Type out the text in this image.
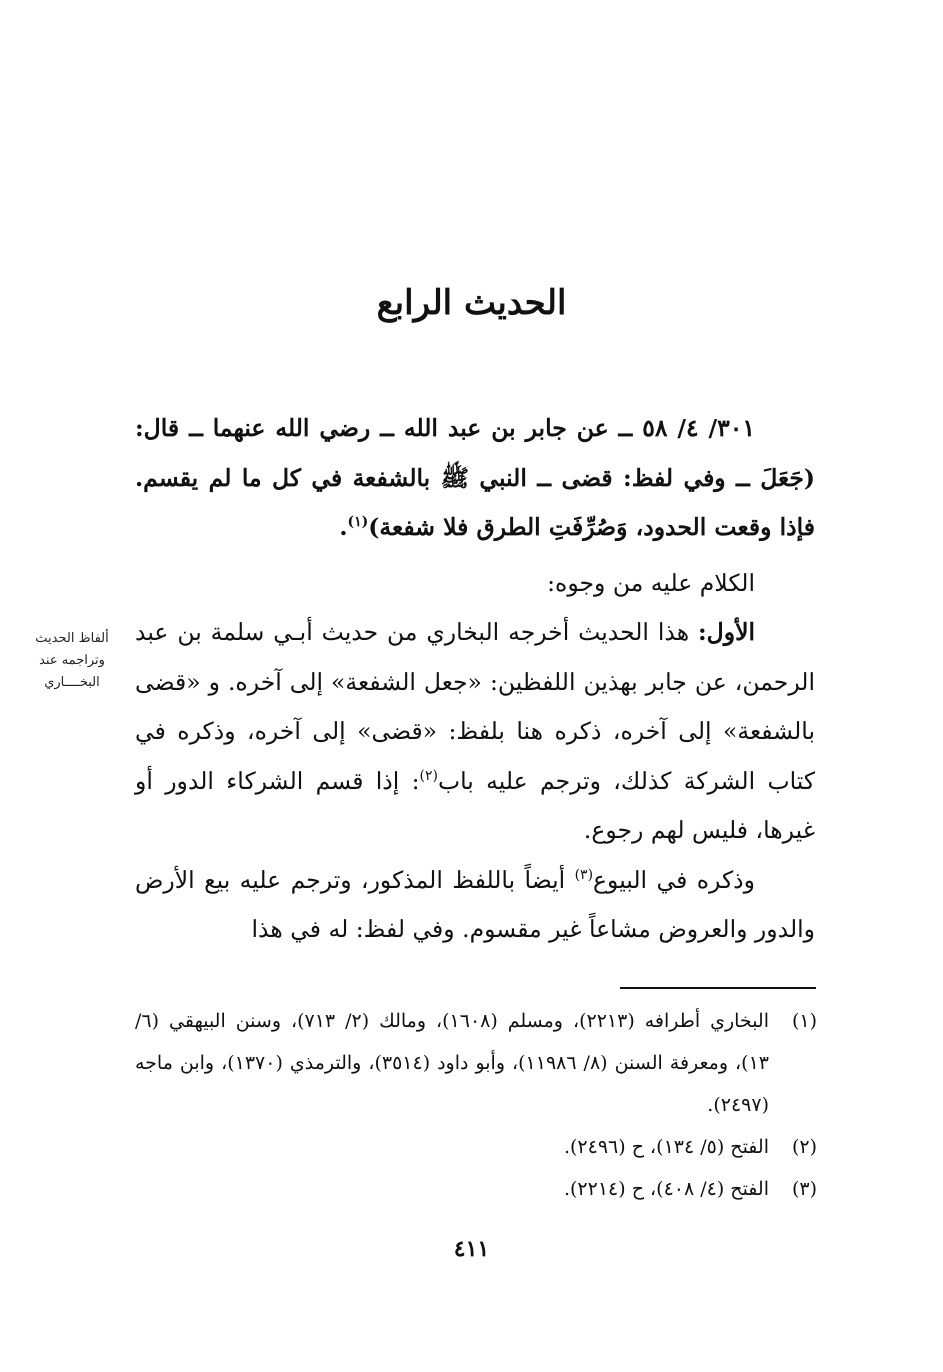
الحديث الرابع

٣٠١/ ٤/ ٥٨ ــ عن جابر بن عبد الله ــ رضي الله عنهما ــ قال: (جَعَلَ ــ وفي لفظ: قضى ــ النبي ﷺ بالشفعة في كل ما لم يقسم. فإذا وقعت الحدود، وَصُرِّفَتِ الطرق فلا شفعة)$^{(١)}$.

الكلام عليه من وجوه:

الأول: هذا الحديث أخرجه البخاري من حديث أبـي سلمة بن عبد الرحمن، عن جابر بهذين اللفظين: «جعل الشفعة» إلى آخره. و «قضى بالشفعة» إلى آخره، ذكره هنا بلفظ: «قضى» إلى آخره، وذكره في كتاب الشركة كذلك، وترجم عليه باب$^{(٢)}$: إذا قسم الشركاء الدور أو غيرها، فليس لهم رجوع.

وذكره في البيوع$^{(٣)}$ أيضاً باللفظ المذكور، وترجم عليه بيع الأرض والدور والعروض مشاعاً غير مقسوم. وفي لفظ: له في هذا

ألفاظ الحديث وتراجمه عند البخــــاري
(١)
البخاري أطرافه (٢٢١٣)، ومسلم (١٦٠٨)، ومالك (٢/ ٧١٣)، وسنن البيهقي (٦/ ١٣)، ومعرفة السنن (٨/ ١١٩٨٦)، وأبو داود (٣٥١٤)، والترمذي (١٣٧٠)، وابن ماجه (٢٤٩٧).
(٢)
الفتح (٥/ ١٣٤)، ح (٢٤٩٦).
(٣)
الفتح (٤/ ٤٠٨)، ح (٢٢١٤).
٤١١
